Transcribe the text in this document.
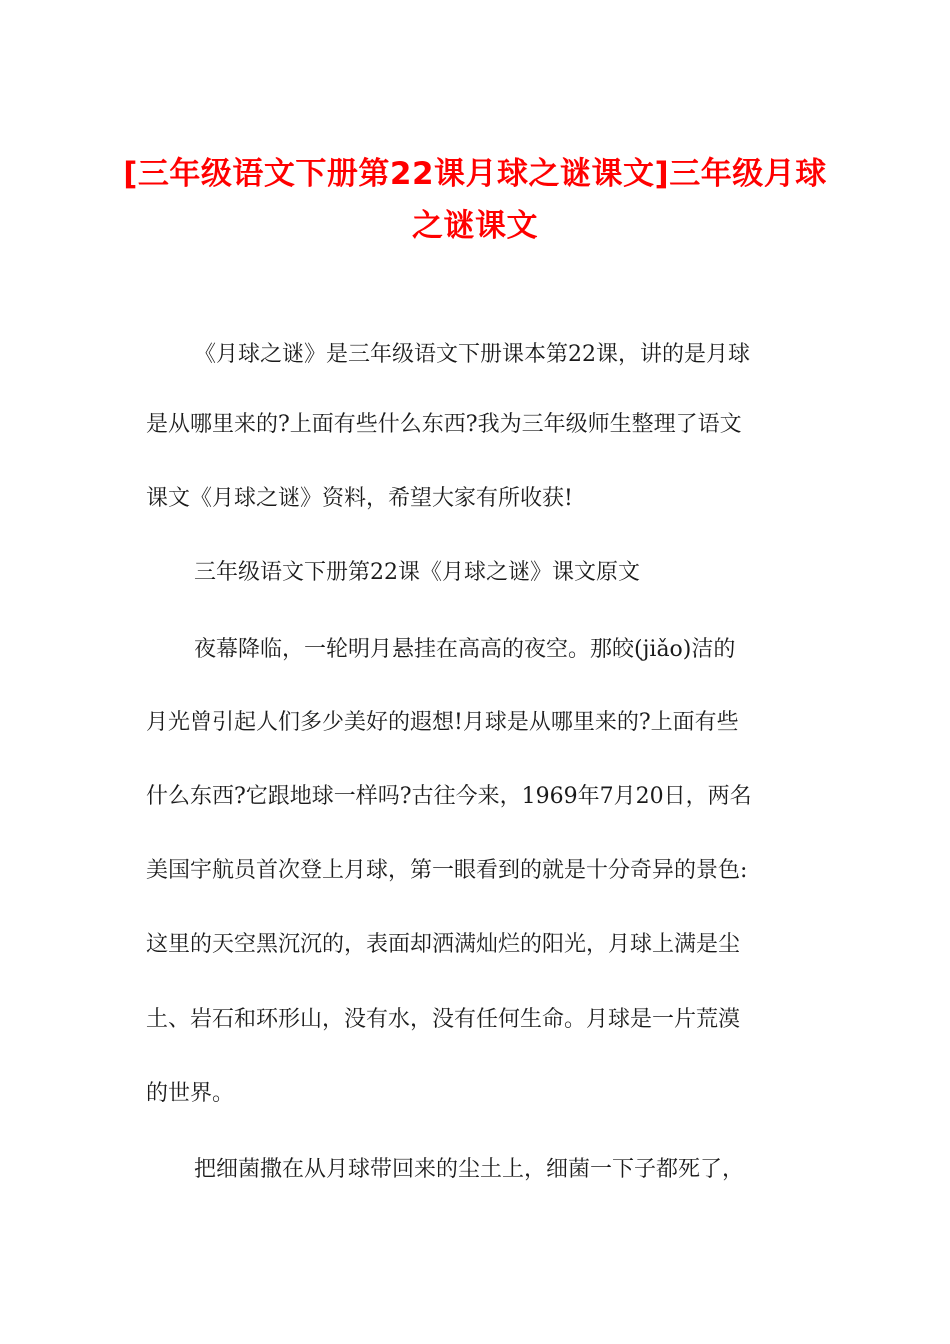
[三年级语文下册第22课月球之谜课文]三年级月球之谜课文
《月球之谜》是三年级语文下册课本第22课，讲的是月球
是从哪里来的?上面有些什么东西?我为三年级师生整理了语文
课文《月球之谜》资料，希望大家有所收获!
三年级语文下册第22课《月球之谜》课文原文
夜幕降临，一轮明月悬挂在高高的夜空。那皎(jiǎo)洁的
月光曾引起人们多少美好的遐想!月球是从哪里来的?上面有些
什么东西?它跟地球一样吗?古往今来，1969年7月20日，两名
美国宇航员首次登上月球，第一眼看到的就是十分奇异的景色:
这里的天空黑沉沉的，表面却洒满灿烂的阳光，月球上满是尘
土、岩石和环形山，没有水，没有任何生命。月球是一片荒漠
的世界。
把细菌撒在从月球带回来的尘土上，细菌一下子都死了，
